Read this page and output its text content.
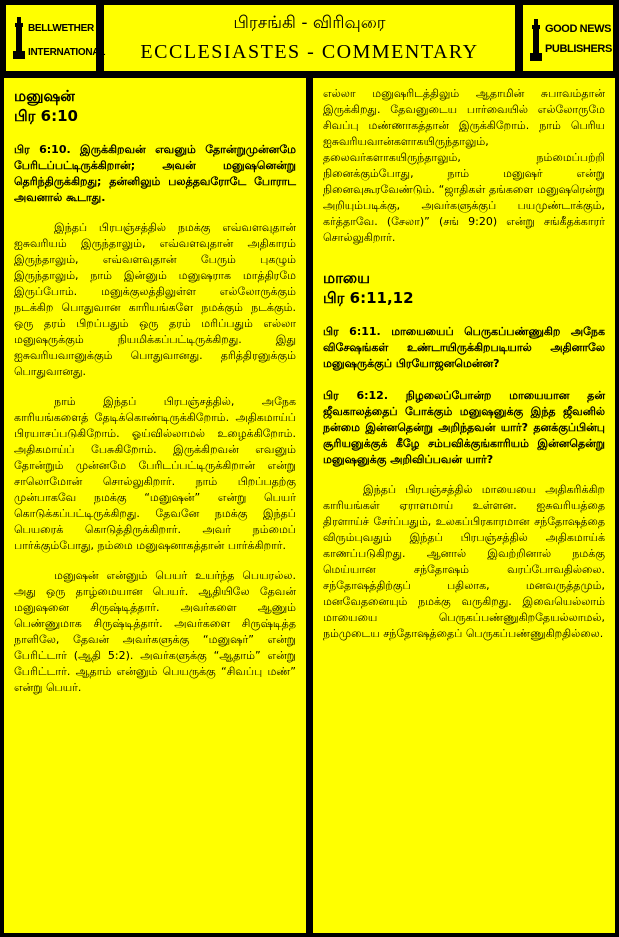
BELLWETHER
INTERNATIONAL
பிரசங்கி - விரிவுரை
ECCLESIASTES - COMMENTARY
GOOD NEWS
PUBLISHERS
மனுஷன்
பிர 6:10

பிர 6:10. இருக்கிறவன் எவனும் தோன்றுமுன்னமே பேரிடப்பட்டிருக்கிறான்; அவன் மனுஷனென்று தெரிந்திருக்கிறது; தன்னிலும் பலத்தவரோடே போராட அவனால் கூடாது.

இந்தப் பிரபஞ்சத்தில் நமக்கு எவ்வளவுதான் ஐசுவரியம் இருந்தாலும், எவ்வளவுதான் அதிகாரம் இருந்தாலும், எவ்வளவுதான் பேரும் புகழும் இருந்தாலும், நாம் இன்னும் மனுஷராக மாத்திரமே இருப்போம். மனுக்குலத்திலுள்ள எல்லோருக்கும் நடக்கிற பொதுவான காரியங்களே நமக்கும் நடக்கும். ஒரு தரம் பிறப்பதும் ஒரு தரம் மரிப்பதும் எல்லா மனுஷருக்கும் நியமிக்கப்பட்டிருக்கிறது. இது ஐசுவரியவானுக்கும் பொதுவானது. தரித்திரனுக்கும் பொதுவானது.

நாம் இந்தப் பிரபஞ்சத்தில், அநேக காரியங்களைத் தேடிக்கொண்டிருக்கிறோம். அதிகமாய்ப் பிரயாசப்படுகிறோம். ஓய்வில்லாமல் உழைக்கிறோம். அதிகமாய்ப் பேசுகிறோம். இருக்கிறவன் எவனும் தோன்றும் முன்னமே பேரிடப்பட்டிருக்கிறான் என்று சாலொமோன் சொல்லுகிறார். நாம் பிறப்பதற்கு முன்பாகவே நமக்கு “மனுஷன்” என்று பெயர் கொடுக்கப்பட்டிருக்கிறது. தேவனே நமக்கு இந்தப் பெயரைக் கொடுத்திருக்கிறார். அவர் நம்மைப் பார்க்கும்போது, நம்மை மனுஷனாகத்தான் பார்க்கிறார்.

மனுஷன் என்னும் பெயர் உயர்ந்த பெயரல்ல. அது ஒரு தாழ்மையான பெயர். ஆதியிலே தேவன் மனுஷனை சிருஷ்டித்தார். அவர்களை ஆணும் பெண்ணுமாக சிருஷ்டித்தார். அவர்களை சிருஷ்டித்த நாளிலே, தேவன் அவர்களுக்கு “மனுஷர்” என்று பேரிட்டார் (ஆதி 5:2). அவர்களுக்கு “ஆதாம்” என்று பேரிட்டார். ஆதாம் என்னும் பெயருக்கு “சிவப்பு மண்” என்று பெயர்.

எல்லா மனுஷரிடத்திலும் ஆதாமின் சுபாவம்தான் இருக்கிறது. தேவனுடைய பார்வையில் எல்லோருமே சிவப்பு மண்ணாகத்தான் இருக்கிறோம். நாம் பெரிய ஐசுவரியவான்களாகயிருந்தாலும், தலைவர்களாகயிருந்தாலும், நம்மைப்பற்றி நினைக்கும்போது, நாம் மனுஷர் என்று நினைவுகூரவேண்டும். “ஜாதிகள் தங்களை மனுஷரென்று அறியும்படிக்கு, அவர்களுக்குப் பயமுண்டாக்கும், கர்த்தாவே. (சேலா)” (சங் 9:20) என்று சங்கீதக்காரர் சொல்லுகிறார்.

மாயை
பிர 6:11,12

பிர 6:11. மாயையைப் பெருகப்பண்ணுகிற அநேக விசேஷங்கள் உண்டாயிருக்கிறபடியால் அதினாலே மனுஷருக்குப் பிரயோஜனமென்ன?

பிர 6:12. நிழலைப்போன்ற மாயையான தன் ஜீவகாலத்தைப் போக்கும் மனுஷனுக்கு இந்த ஜீவனில் நன்மை இன்னதென்று அறிந்தவன் யார்? தனக்குப்பின்பு சூரியனுக்குக் கீழே சம்பவிக்குங்காரியம் இன்னதென்று மனுஷனுக்கு அறிவிப்பவன் யார்?

இந்தப் பிரபஞ்சத்தில் மாயையை அதிகரிக்கிற காரியங்கள் ஏராளமாய் உள்ளன. ஐசுவரியத்தை திரளாய்ச் சேர்ப்பதும், உலகப்பிரகாரமான சந்தோஷத்தை விரும்புவதும் இந்தப் பிரபஞ்சத்தில் அதிகமாய்க் காணப்படுகிறது. ஆனால் இவற்றினால் நமக்கு மெய்யான சந்தோஷம் வரப்போவதில்லை. சந்தோஷத்திற்குப் பதிலாக, மனவருத்தமும், மனவேதனையும் நமக்கு வருகிறது. இவையெல்லாம் மாயையை பெருகப்பண்ணுகிறதேயல்லாமல், நம்முடைய சந்தோஷத்தைப் பெருகப்பண்ணுகிறதில்லை.
